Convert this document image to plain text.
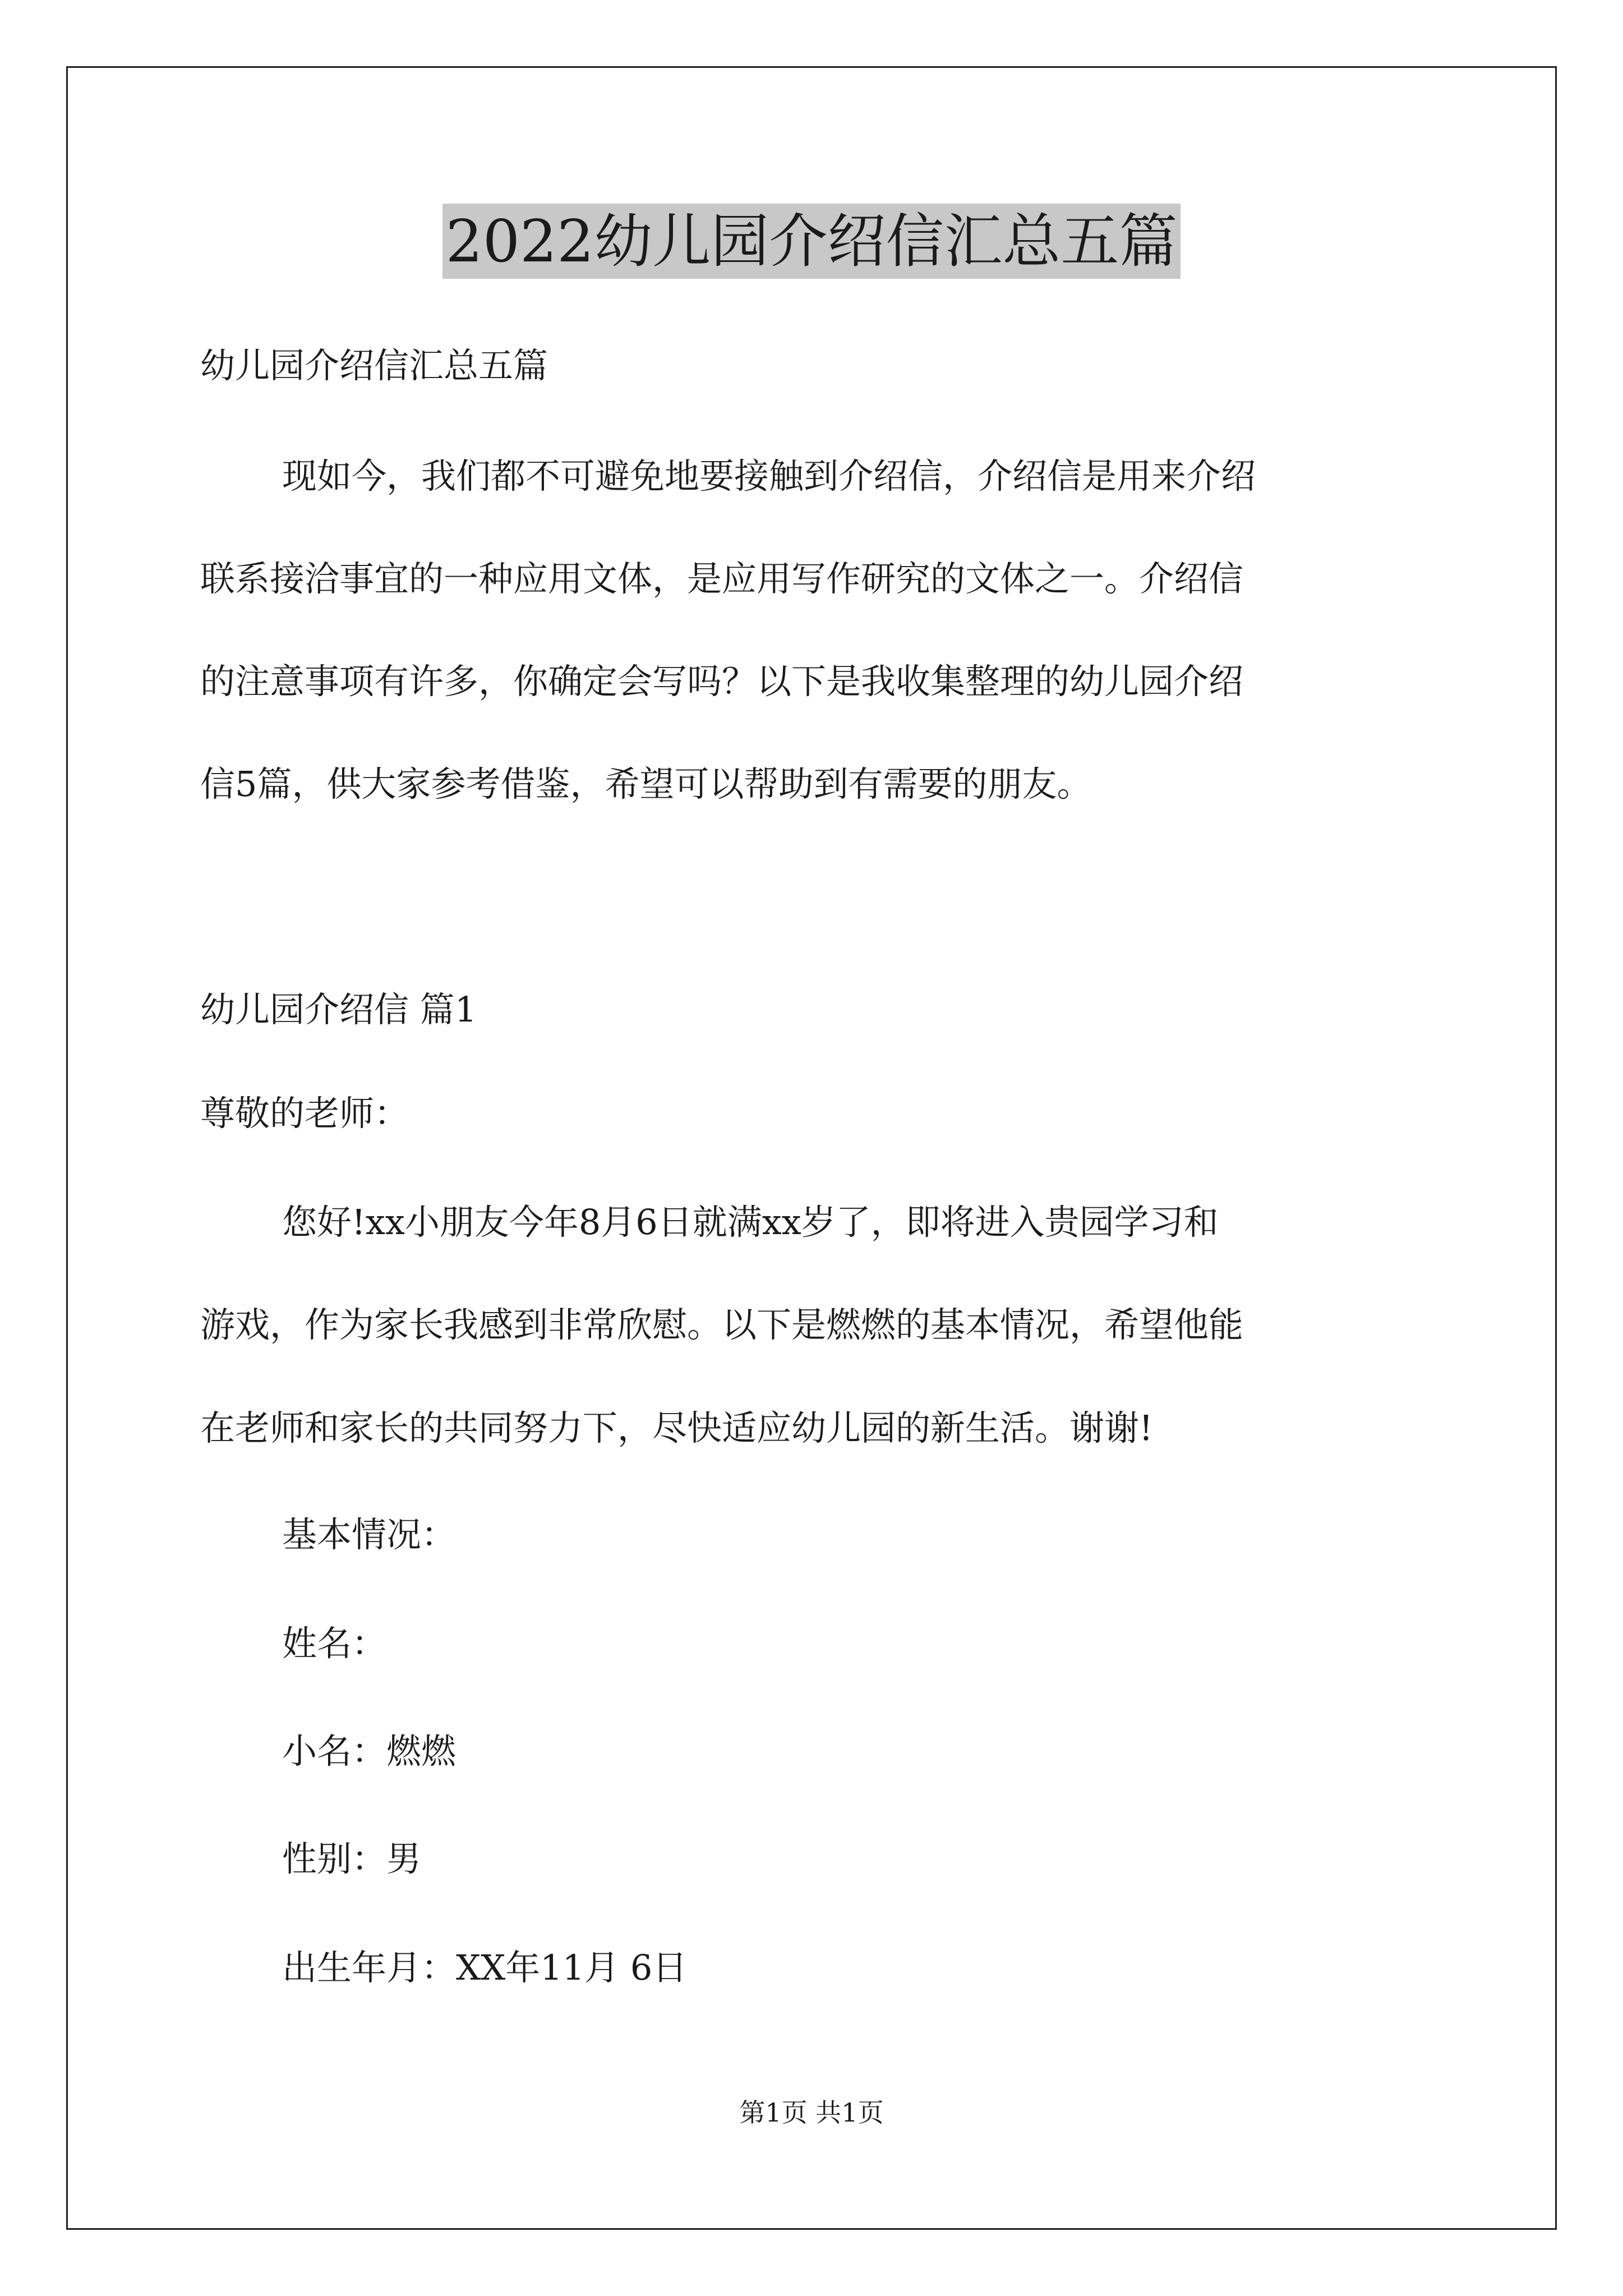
2022幼儿园介绍信汇总五篇
幼儿园介绍信汇总五篇
现如今，我们都不可避免地要接触到介绍信，介绍信是用来介绍
联系接洽事宜的一种应用文体，是应用写作研究的文体之一。介绍信
的注意事项有许多，你确定会写吗？以下是我收集整理的幼儿园介绍
信5篇，供大家参考借鉴，希望可以帮助到有需要的朋友。
幼儿园介绍信 篇1
尊敬的老师：
您好!xx小朋友今年8月6日就满xx岁了，即将进入贵园学习和
游戏，作为家长我感到非常欣慰。以下是燃燃的基本情况，希望他能
在老师和家长的共同努力下，尽快适应幼儿园的新生活。谢谢!
基本情况：
姓名：
小名：燃燃
性别：男
出生年月：XX年11月 6日
第1页 共1页
